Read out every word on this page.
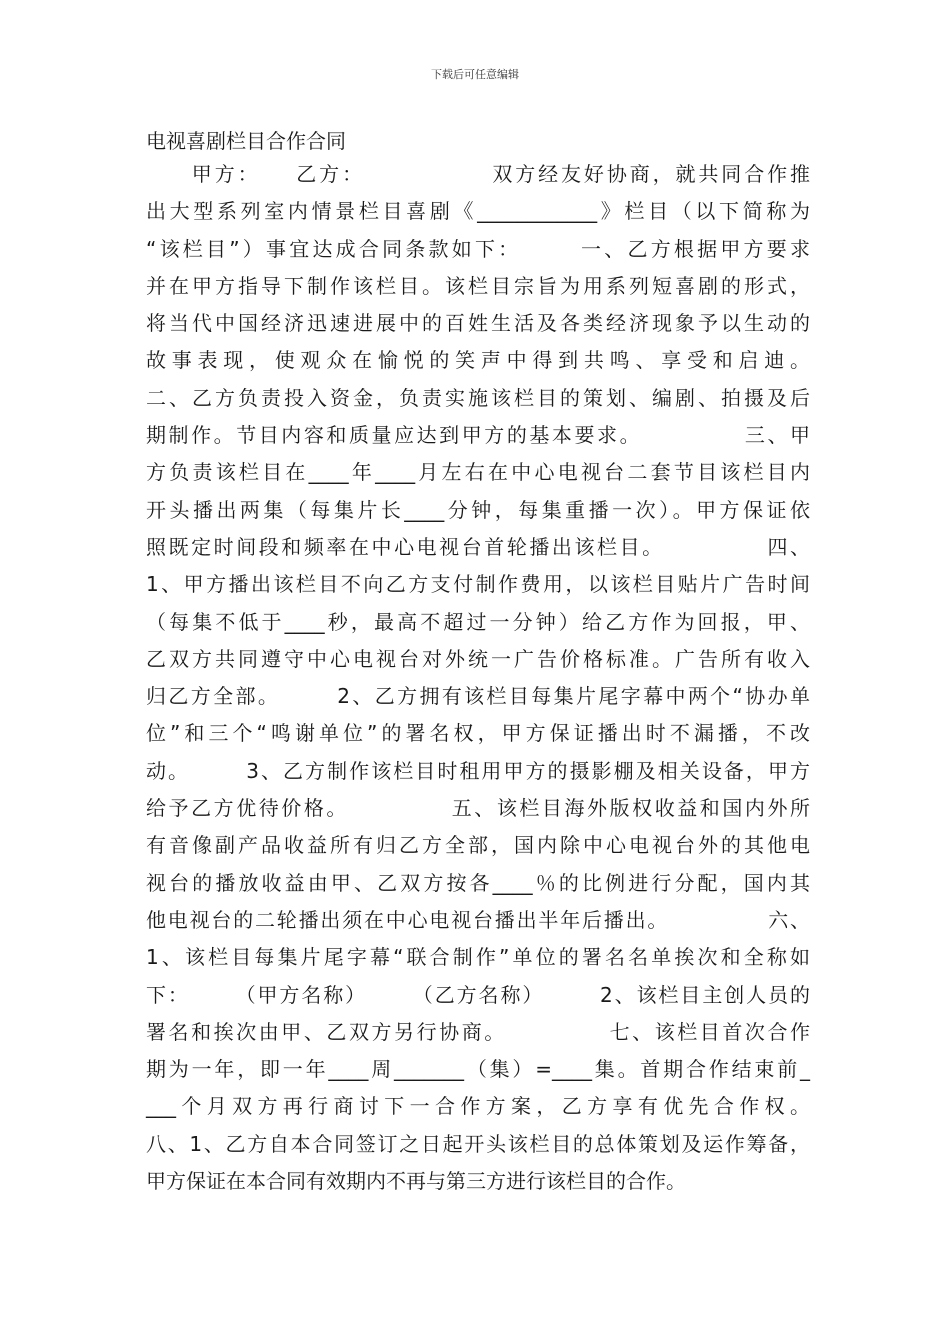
下载后可任意编辑
电视喜剧栏目合作合同
　　甲方：　　乙方：　　　　　　双方经友好协商，就共同合作推
出大型系列室内情景栏目喜剧《____________》栏目（以下简称为
“该栏目”）事宜达成合同条款如下：　　　一、乙方根据甲方要求
并在甲方指导下制作该栏目。该栏目宗旨为用系列短喜剧的形式，
将当代中国经济迅速进展中的百姓生活及各类经济现象予以生动的
故事表现，使观众在愉悦的笑声中得到共鸣、享受和启迪。
二、乙方负责投入资金，负责实施该栏目的策划、编剧、拍摄及后
期制作。节目内容和质量应达到甲方的基本要求。　　　　　三、甲
方负责该栏目在____年____月左右在中心电视台二套节目该栏目内
开头播出两集（每集片长____分钟，每集重播一次）。甲方保证依
照既定时间段和频率在中心电视台首轮播出该栏目。　　　　　四、
1、甲方播出该栏目不向乙方支付制作费用，以该栏目贴片广告时间
（每集不低于____秒，最高不超过一分钟）给乙方作为回报，甲、
乙双方共同遵守中心电视台对外统一广告价格标准。广告所有收入
归乙方全部。　　　2、乙方拥有该栏目每集片尾字幕中两个“协办单
位”和三个“鸣谢单位”的署名权，甲方保证播出时不漏播，不改
动。　　　3、乙方制作该栏目时租用甲方的摄影棚及相关设备，甲方
给予乙方优待价格。　　　　　五、该栏目海外版权收益和国内外所
有音像副产品收益所有归乙方全部，国内除中心电视台外的其他电
视台的播放收益由甲、乙双方按各____％的比例进行分配，国内其
他电视台的二轮播出须在中心电视台播出半年后播出。　　　　　六、
1、该栏目每集片尾字幕“联合制作”单位的署名名单挨次和全称如
下：　　　（甲方名称）　　　（乙方名称）　　　2、该栏目主创人员的
署名和挨次由甲、乙双方另行协商。　　　　　七、该栏目首次合作
期为一年，即一年____周_______（集）=____集。首期合作结束前_
___个月双方再行商讨下一合作方案，乙方享有优先合作权。
八、1、乙方自本合同签订之日起开头该栏目的总体策划及运作筹备，
甲方保证在本合同有效期内不再与第三方进行该栏目的合作。
